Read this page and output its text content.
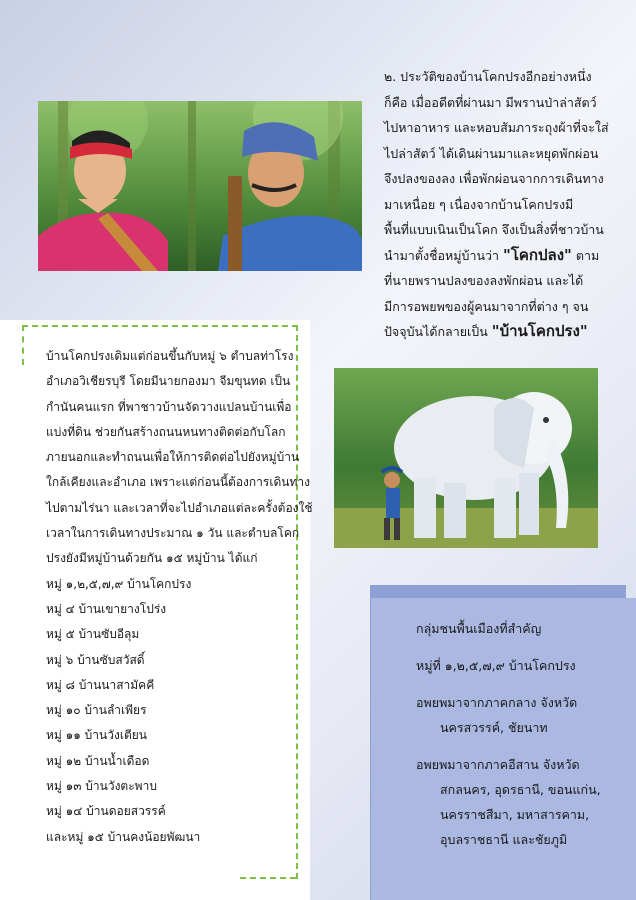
๒. ประวัติของบ้านโคกปรงอีกอย่างหนึ่ง

ก็คือ เมื่ออดีตที่ผ่านมา มีพรานป่าล่าสัตว์

ไปหาอาหาร และหอบสัมภาระถุงผ้าที่จะใส่

ไปล่าสัตว์ ได้เดินผ่านมาและหยุดพักผ่อน

จึงปลงของลง เพื่อพักผ่อนจากการเดินทาง

มาเหนื่อย ๆ เนื่องจากบ้านโคกปรงมี

พื้นที่แบบเนินเป็นโคก จึงเป็นสิ่งที่ชาวบ้าน

นำมาตั้งชื่อหมู่บ้านว่า "โคกปลง" ตาม

ที่นายพรานปลงของลงพักผ่อน และได้

มีการอพยพของผู้คนมาจากที่ต่าง ๆ จน

ปัจจุบันได้กลายเป็น "บ้านโคกปรง"

บ้านโคกปรงเดิมแต่ก่อนขึ้นกับหมู่ ๖ ตำบลท่าโรง

อำเภอวิเชียรบุรี โดยมีนายกองมา จีมขุนทด เป็น

กำนันคนแรก ที่พาชาวบ้านจัดวางแปลนบ้านเพื่อ

แบ่งที่ดิน ช่วยกันสร้างถนนหนทางติดต่อกับโลก

ภายนอกและทำถนนเพื่อให้การติดต่อไปยังหมู่บ้าน

ใกล้เคียงและอำเภอ เพราะแต่ก่อนนี้ต้องการเดินทาง

ไปตามไร่นา และเวลาที่จะไปอำเภอแต่ละครั้งต้องใช้

เวลาในการเดินทางประมาณ ๑ วัน และตำบลโคก

ปรงยังมีหมู่บ้านด้วยกัน ๑๕ หมู่บ้าน ได้แก่

หมู่ ๑,๒,๕,๗,๙ บ้านโคกปรง

หมู่ ๔ บ้านเขายางโปร่ง

หมู่ ๕ บ้านซับอีลุม

หมู่ ๖ บ้านซับสวัสดิ์

หมู่ ๘ บ้านนาสามัคคี

หมู่ ๑๐ บ้านลำเพียร

หมู่ ๑๑ บ้านวังเตียน

หมู่ ๑๒ บ้านน้ำเดือด

หมู่ ๑๓ บ้านวังตะพาบ

หมู่ ๑๔ บ้านดอยสวรรค์

และหมู่ ๑๕ บ้านคงน้อยพัฒนา

กลุ่มชนพื้นเมืองที่สำคัญ

หมู่ที่ ๑,๒,๕,๗,๙ บ้านโคกปรง

อพยพมาจากภาคกลาง จังหวัด

นครสวรรค์, ชัยนาท

อพยพมาจากภาคอีสาน จังหวัด

สกลนคร, อุดรธานี, ขอนแก่น,

นครราชสีมา, มหาสารคาม,

อุบลราชธานี และชัยภูมิ
